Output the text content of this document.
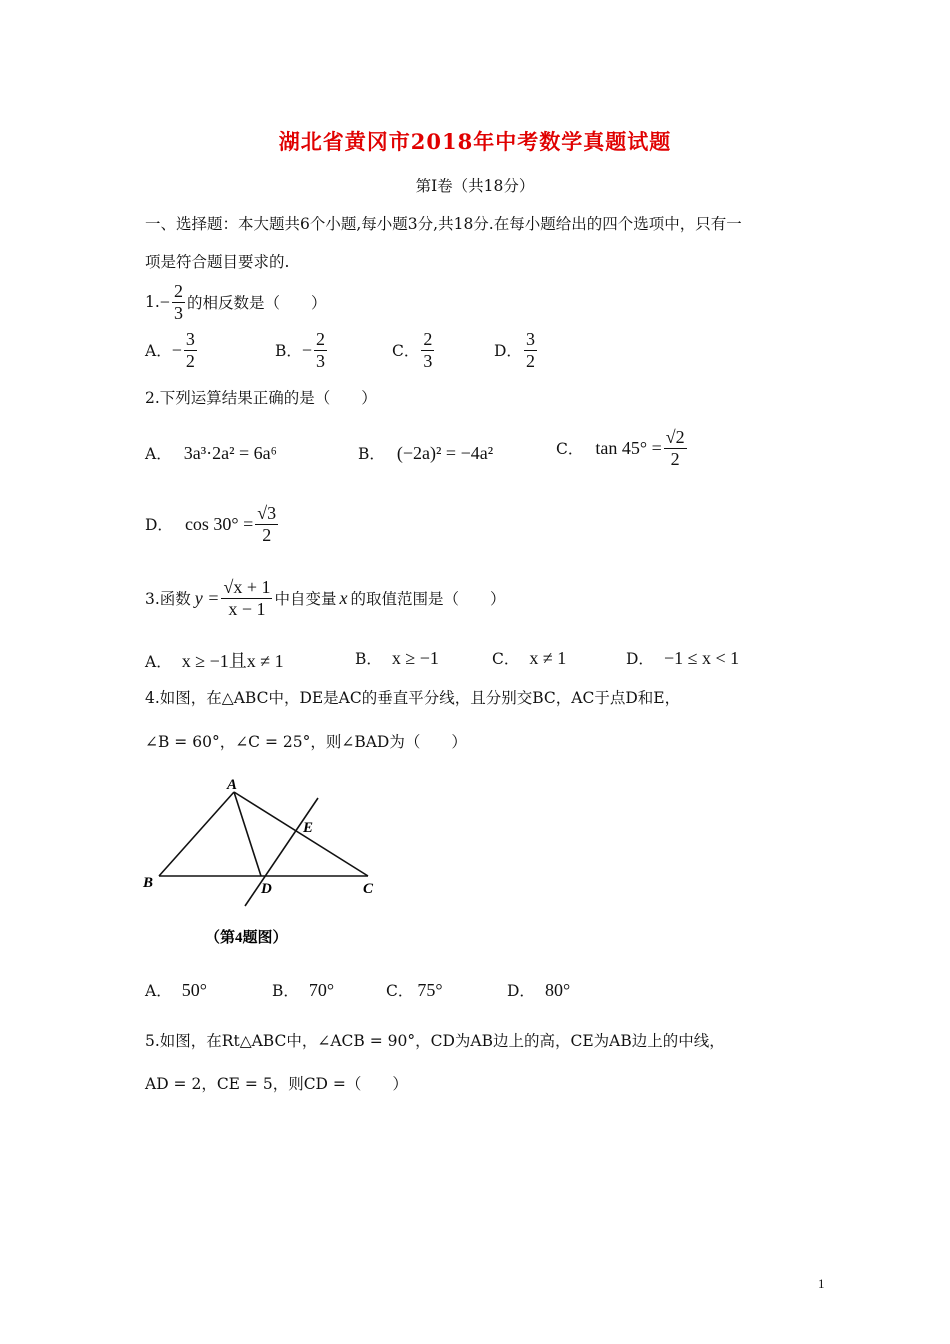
湖北省黄冈市2018年中考数学真题试题
第Ⅰ卷（共18分）
一、选择题：本大题共6个小题,每小题3分,共18分.在每小题给出的四个选项中，只有一
项是符合题目要求的.
1. − $\frac{2}{3}$ 的相反数是（　　）
A． − $\frac{3}{2}$	B． − $\frac{2}{3}$	C． $\frac{2}{3}$	D． $\frac{3}{2}$
2.下列运算结果正确的是（　　）
A． 3a³·2a² = 6a⁶	B． (−2a)² = −4a²	C． $\tan 45^\circ = \frac{√2}{2}$
D． $\cos 30^\circ = \frac{√3}{2}$
3.函数 $y = \frac{√x + 1}{x - 1}$ 中自变量 x 的取值范围是（　　）
A． x ≥ −1且x ≠ 1	B． x ≥ −1	C． x ≠ 1	D． −1 ≤ x < 1
4.如图，在△ABC中，DE是AC的垂直平分线，且分别交BC，AC于点D和E，
∠B = 60°，∠C = 25°，则∠BAD为（　　）
A
B	C
D
E
（第4题图）
A． 50°	B． 70°	C． 75°	D． 80°
5.如图，在Rt△ABC中，∠ACB = 90°，CD为AB边上的高，CE为AB边上的中线，
AD = 2，CE = 5，则CD =（　　）
1
